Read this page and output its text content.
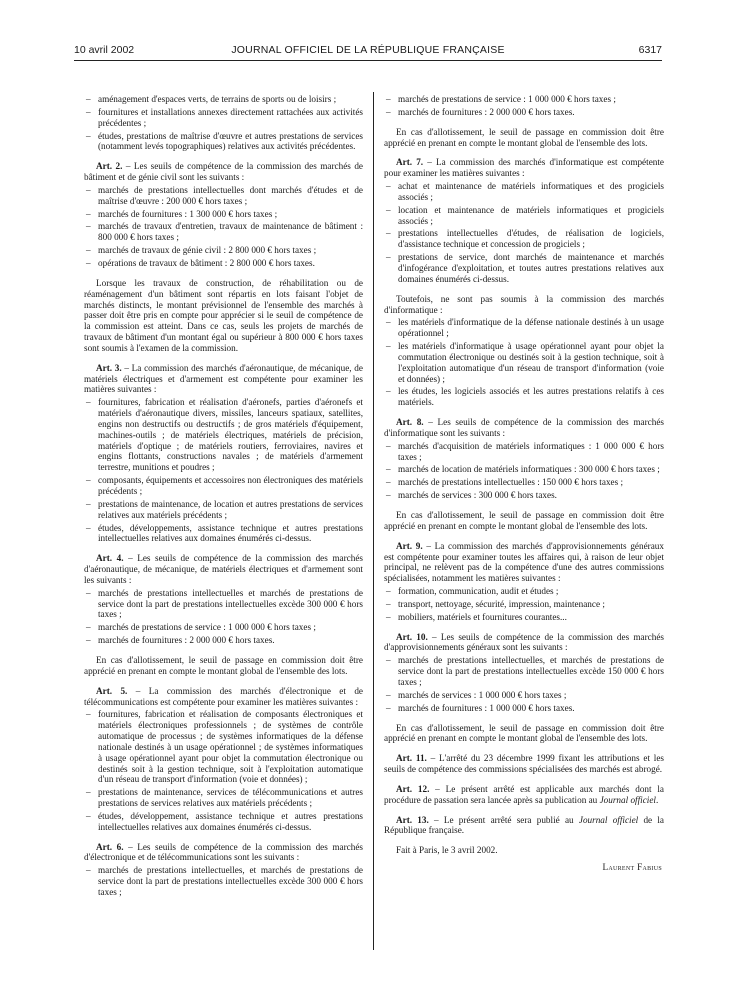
10 avril 2002	JOURNAL OFFICIEL DE LA RÉPUBLIQUE FRANÇAISE	6317
– aménagement d'espaces verts, de terrains de sports ou de loisirs ;
– fournitures et installations annexes directement rattachées aux activités précédentes ;
– études, prestations de maîtrise d'œuvre et autres prestations de services (notamment levés topographiques) relatives aux activités précédentes.

Art. 2. – Les seuils de compétence de la commission des marchés de bâtiment et de génie civil sont les suivants :

– marchés de prestations intellectuelles dont marchés d'études et de maîtrise d'œuvre : 200 000 € hors taxes ;
– marchés de fournitures : 1 300 000 € hors taxes ;
– marchés de travaux d'entretien, travaux de maintenance de bâtiment : 800 000 € hors taxes ;
– marchés de travaux de génie civil : 2 800 000 € hors taxes ;
– opérations de travaux de bâtiment : 2 800 000 € hors taxes.

Lorsque les travaux de construction, de réhabilitation ou de réaménagement d'un bâtiment sont répartis en lots faisant l'objet de marchés distincts, le montant prévisionnel de l'ensemble des marchés à passer doit être pris en compte pour apprécier si le seuil de compétence de la commission est atteint. Dans ce cas, seuls les projets de marchés de travaux de bâtiment d'un montant égal ou supérieur à 800 000 € hors taxes sont soumis à l'examen de la commission.

Art. 3. – La commission des marchés d'aéronautique, de mécanique, de matériels électriques et d'armement est compétente pour examiner les matières suivantes :

– fournitures, fabrication et réalisation d'aéronefs, parties d'aéronefs et matériels d'aéronautique divers, missiles, lanceurs spatiaux, satellites, engins non destructifs ou destructifs ; de gros matériels d'équipement, machines-outils ; de matériels électriques, matériels de précision, matériels d'optique ; de matériels routiers, ferroviaires, navires et engins flottants, constructions navales ; de matériels d'armement terrestre, munitions et poudres ;
– composants, équipements et accessoires non électroniques des matériels précédents ;
– prestations de maintenance, de location et autres prestations de services relatives aux matériels précédents ;
– études, développements, assistance technique et autres prestations intellectuelles relatives aux domaines énumérés ci-dessus.

Art. 4. – Les seuils de compétence de la commission des marchés d'aéronautique, de mécanique, de matériels électriques et d'armement sont les suivants :

– marchés de prestations intellectuelles et marchés de prestations de service dont la part de prestations intellectuelles excède 300 000 € hors taxes ;
– marchés de prestations de service : 1 000 000 € hors taxes ;
– marchés de fournitures : 2 000 000 € hors taxes.

En cas d'allotissement, le seuil de passage en commission doit être apprécié en prenant en compte le montant global de l'ensemble des lots.

Art. 5. – La commission des marchés d'électronique et de télécommunications est compétente pour examiner les matières suivantes :

– fournitures, fabrication et réalisation de composants électroniques et matériels électroniques professionnels ; de systèmes de contrôle automatique de processus ; de systèmes informatiques de la défense nationale destinés à un usage opérationnel ; de systèmes informatiques à usage opérationnel ayant pour objet la commutation électronique ou destinés soit à la gestion technique, soit à l'exploitation automatique d'un réseau de transport d'information (voie et données) ;
– prestations de maintenance, services de télécommunications et autres prestations de services relatives aux matériels précédents ;
– études, développement, assistance technique et autres prestations intellectuelles relatives aux domaines énumérés ci-dessus.

Art. 6. – Les seuils de compétence de la commission des marchés d'électronique et de télécommunications sont les suivants :

– marchés de prestations intellectuelles, et marchés de prestations de service dont la part de prestations intellectuelles excède 300 000 € hors taxes ;
– marchés de prestations de service : 1 000 000 € hors taxes ;
– marchés de fournitures : 2 000 000 € hors taxes.

En cas d'allotissement, le seuil de passage en commission doit être apprécié en prenant en compte le montant global de l'ensemble des lots.

Art. 7. – La commission des marchés d'informatique est compétente pour examiner les matières suivantes :

– achat et maintenance de matériels informatiques et des progiciels associés ;
– location et maintenance de matériels informatiques et progiciels associés ;
– prestations intellectuelles d'études, de réalisation de logiciels, d'assistance technique et concession de progiciels ;
– prestations de service, dont marchés de maintenance et marchés d'infogérance d'exploitation, et toutes autres prestations relatives aux domaines énumérés ci-dessus.

Toutefois, ne sont pas soumis à la commission des marchés d'informatique :

– les matériels d'informatique de la défense nationale destinés à un usage opérationnel ;
– les matériels d'informatique à usage opérationnel ayant pour objet la commutation électronique ou destinés soit à la gestion technique, soit à l'exploitation automatique d'un réseau de transport d'information (voie et données) ;
– les études, les logiciels associés et les autres prestations relatifs à ces matériels.

Art. 8. – Les seuils de compétence de la commission des marchés d'informatique sont les suivants :

– marchés d'acquisition de matériels informatiques : 1 000 000 € hors taxes ;
– marchés de location de matériels informatiques : 300 000 € hors taxes ;
– marchés de prestations intellectuelles : 150 000 € hors taxes ;
– marchés de services : 300 000 € hors taxes.

En cas d'allotissement, le seuil de passage en commission doit être apprécié en prenant en compte le montant global de l'ensemble des lots.

Art. 9. – La commission des marchés d'approvisionnements généraux est compétente pour examiner toutes les affaires qui, à raison de leur objet principal, ne relèvent pas de la compétence d'une des autres commissions spécialisées, notamment les matières suivantes :

– formation, communication, audit et études ;
– transport, nettoyage, sécurité, impression, maintenance ;
– mobiliers, matériels et fournitures courantes...

Art. 10. – Les seuils de compétence de la commission des marchés d'approvisionnements généraux sont les suivants :

– marchés de prestations intellectuelles, et marchés de prestations de service dont la part de prestations intellectuelles excède 150 000 € hors taxes ;
– marchés de services : 1 000 000 € hors taxes ;
– marchés de fournitures : 1 000 000 € hors taxes.

En cas d'allotissement, le seuil de passage en commission doit être apprécié en prenant en compte le montant global de l'ensemble des lots.

Art. 11. – L'arrêté du 23 décembre 1999 fixant les attributions et les seuils de compétence des commissions spécialisées des marchés est abrogé.

Art. 12. – Le présent arrêté est applicable aux marchés dont la procédure de passation sera lancée après sa publication au Journal officiel.

Art. 13. – Le présent arrêté sera publié au Journal officiel de la République française.

Fait à Paris, le 3 avril 2002.

Laurent Fabius
